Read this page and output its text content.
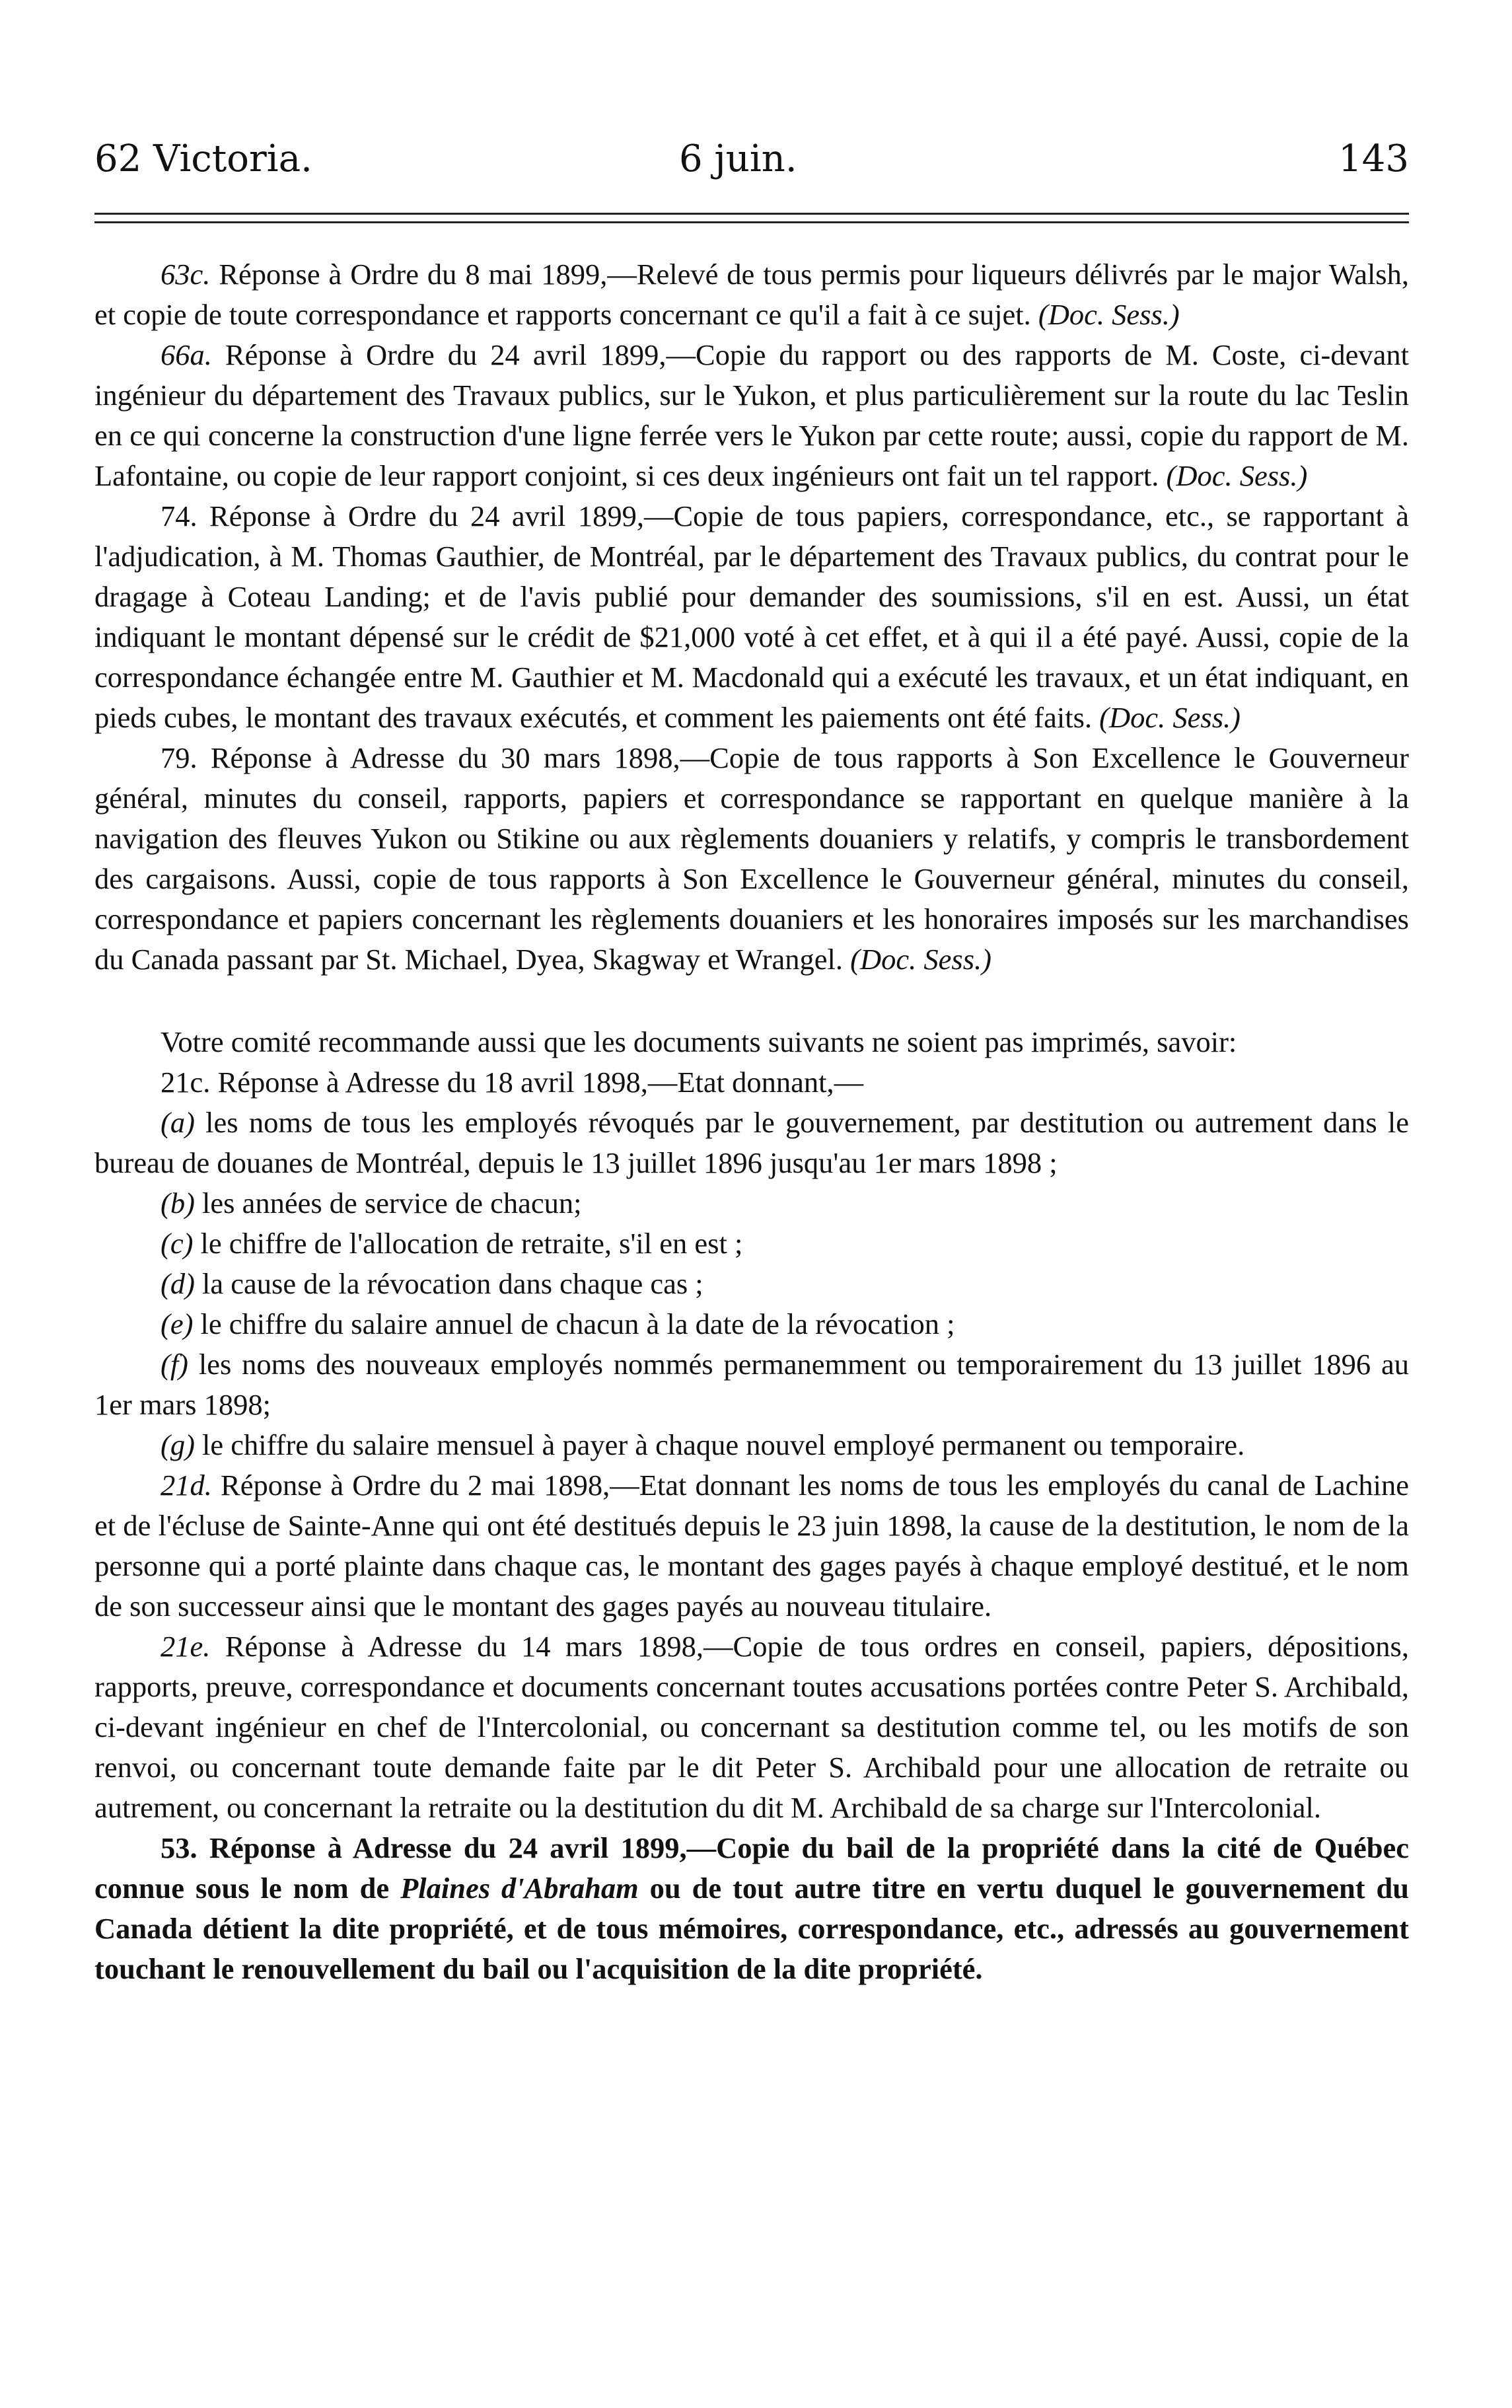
62 Victoria.	6 juin.	143

63c. Réponse à Ordre du 8 mai 1899,—Relevé de tous permis pour liqueurs délivrés par le major Walsh, et copie de toute correspondance et rapports concernant ce qu'il a fait à ce sujet. (Doc. Sess.)

66a. Réponse à Ordre du 24 avril 1899,—Copie du rapport ou des rapports de M. Coste, ci-devant ingénieur du département des Travaux publics, sur le Yukon, et plus particulièrement sur la route du lac Teslin en ce qui concerne la construction d'une ligne ferrée vers le Yukon par cette route; aussi, copie du rapport de M. Lafontaine, ou copie de leur rapport conjoint, si ces deux ingénieurs ont fait un tel rapport. (Doc. Sess.)

74. Réponse à Ordre du 24 avril 1899,—Copie de tous papiers, correspondance, etc., se rapportant à l'adjudication, à M. Thomas Gauthier, de Montréal, par le département des Travaux publics, du contrat pour le dragage à Coteau Landing; et de l'avis publié pour demander des soumissions, s'il en est. Aussi, un état indiquant le montant dépensé sur le crédit de $21,000 voté à cet effet, et à qui il a été payé. Aussi, copie de la correspondance échangée entre M. Gauthier et M. Macdonald qui a exécuté les travaux, et un état indiquant, en pieds cubes, le montant des travaux exécutés, et comment les paiements ont été faits. (Doc. Sess.)

79. Réponse à Adresse du 30 mars 1898,—Copie de tous rapports à Son Excellence le Gouverneur général, minutes du conseil, rapports, papiers et correspondance se rapportant en quelque manière à la navigation des fleuves Yukon ou Stikine ou aux règlements douaniers y relatifs, y compris le transbordement des cargaisons. Aussi, copie de tous rapports à Son Excellence le Gouverneur général, minutes du conseil, correspondance et papiers concernant les règlements douaniers et les honoraires imposés sur les marchandises du Canada passant par St. Michael, Dyea, Skagway et Wrangel. (Doc. Sess.)

Votre comité recommande aussi que les documents suivants ne soient pas imprimés, savoir:

21c. Réponse à Adresse du 18 avril 1898,—Etat donnant,—

(a) les noms de tous les employés révoqués par le gouvernement, par destitution ou autrement dans le bureau de douanes de Montréal, depuis le 13 juillet 1896 jusqu'au 1er mars 1898 ;

(b) les années de service de chacun;

(c) le chiffre de l'allocation de retraite, s'il en est ;

(d) la cause de la révocation dans chaque cas ;

(e) le chiffre du salaire annuel de chacun à la date de la révocation ;

(f) les noms des nouveaux employés nommés permanemment ou temporairement du 13 juillet 1896 au 1er mars 1898;

(g) le chiffre du salaire mensuel à payer à chaque nouvel employé permanent ou temporaire.

21d. Réponse à Ordre du 2 mai 1898,—Etat donnant les noms de tous les employés du canal de Lachine et de l'écluse de Sainte-Anne qui ont été destitués depuis le 23 juin 1898, la cause de la destitution, le nom de la personne qui a porté plainte dans chaque cas, le montant des gages payés à chaque employé destitué, et le nom de son successeur ainsi que le montant des gages payés au nouveau titulaire.

21e. Réponse à Adresse du 14 mars 1898,—Copie de tous ordres en conseil, papiers, dépositions, rapports, preuve, correspondance et documents concernant toutes accusations portées contre Peter S. Archibald, ci-devant ingénieur en chef de l'Intercolonial, ou concernant sa destitution comme tel, ou les motifs de son renvoi, ou concernant toute demande faite par le dit Peter S. Archibald pour une allocation de retraite ou autrement, ou concernant la retraite ou la destitution du dit M. Archibald de sa charge sur l'Intercolonial.

53. Réponse à Adresse du 24 avril 1899,—Copie du bail de la propriété dans la cité de Québec connue sous le nom de Plaines d'Abraham ou de tout autre titre en vertu duquel le gouvernement du Canada détient la dite propriété, et de tous mémoires, correspondance, etc., adressés au gouvernement touchant le renouvellement du bail ou l'acquisition de la dite propriété.
